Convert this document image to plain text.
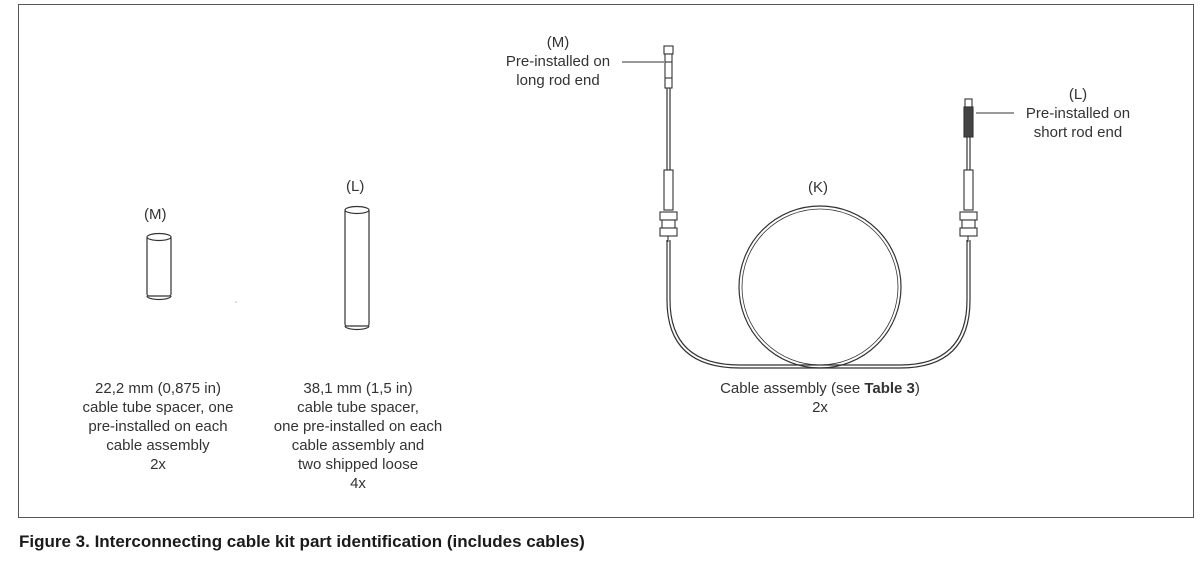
(M)
22,2 mm (0,875 in)
cable tube spacer, one
pre-installed on each
cable assembly
2x
(L)
38,1 mm (1,5 in)
cable tube spacer,
one pre-installed on each
cable assembly and
two shipped loose
4x
(K)
Cable assembly (see Table 3)
2x
(M)
Pre-installed on
long rod end
(L)
Pre-installed on
short rod end
Figure 3. Interconnecting cable kit part identification (includes cables)
